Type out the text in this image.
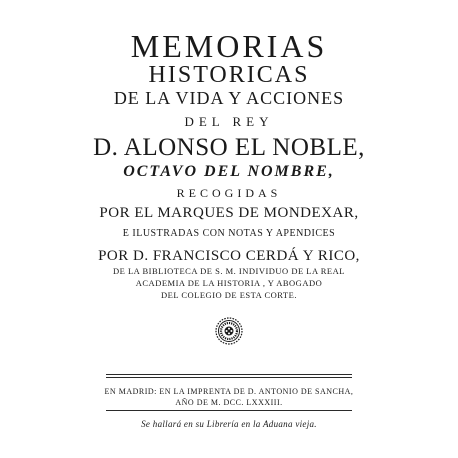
MEMORIAS
HISTORICAS
DE LA VIDA Y ACCIONES
DEL REY
D. ALONSO EL NOBLE,
OCTAVO DEL NOMBRE,
RECOGIDAS
POR EL MARQUES DE MONDEXAR,
E ILUSTRADAS CON NOTAS Y APENDICES
POR D. FRANCISCO CERDÁ Y RICO,
DE LA BIBLIOTECA DE S. M. INDIVIDUO DE LA REAL
ACADEMIA DE LA HISTORIA , Y ABOGADO
DEL COLEGIO DE ESTA CORTE.
EN MADRID: EN LA IMPRENTA DE D. ANTONIO DE SANCHA,
AÑO DE M. DCC. LXXXIII.
Se hallará en su Librería en la Aduana vieja.
